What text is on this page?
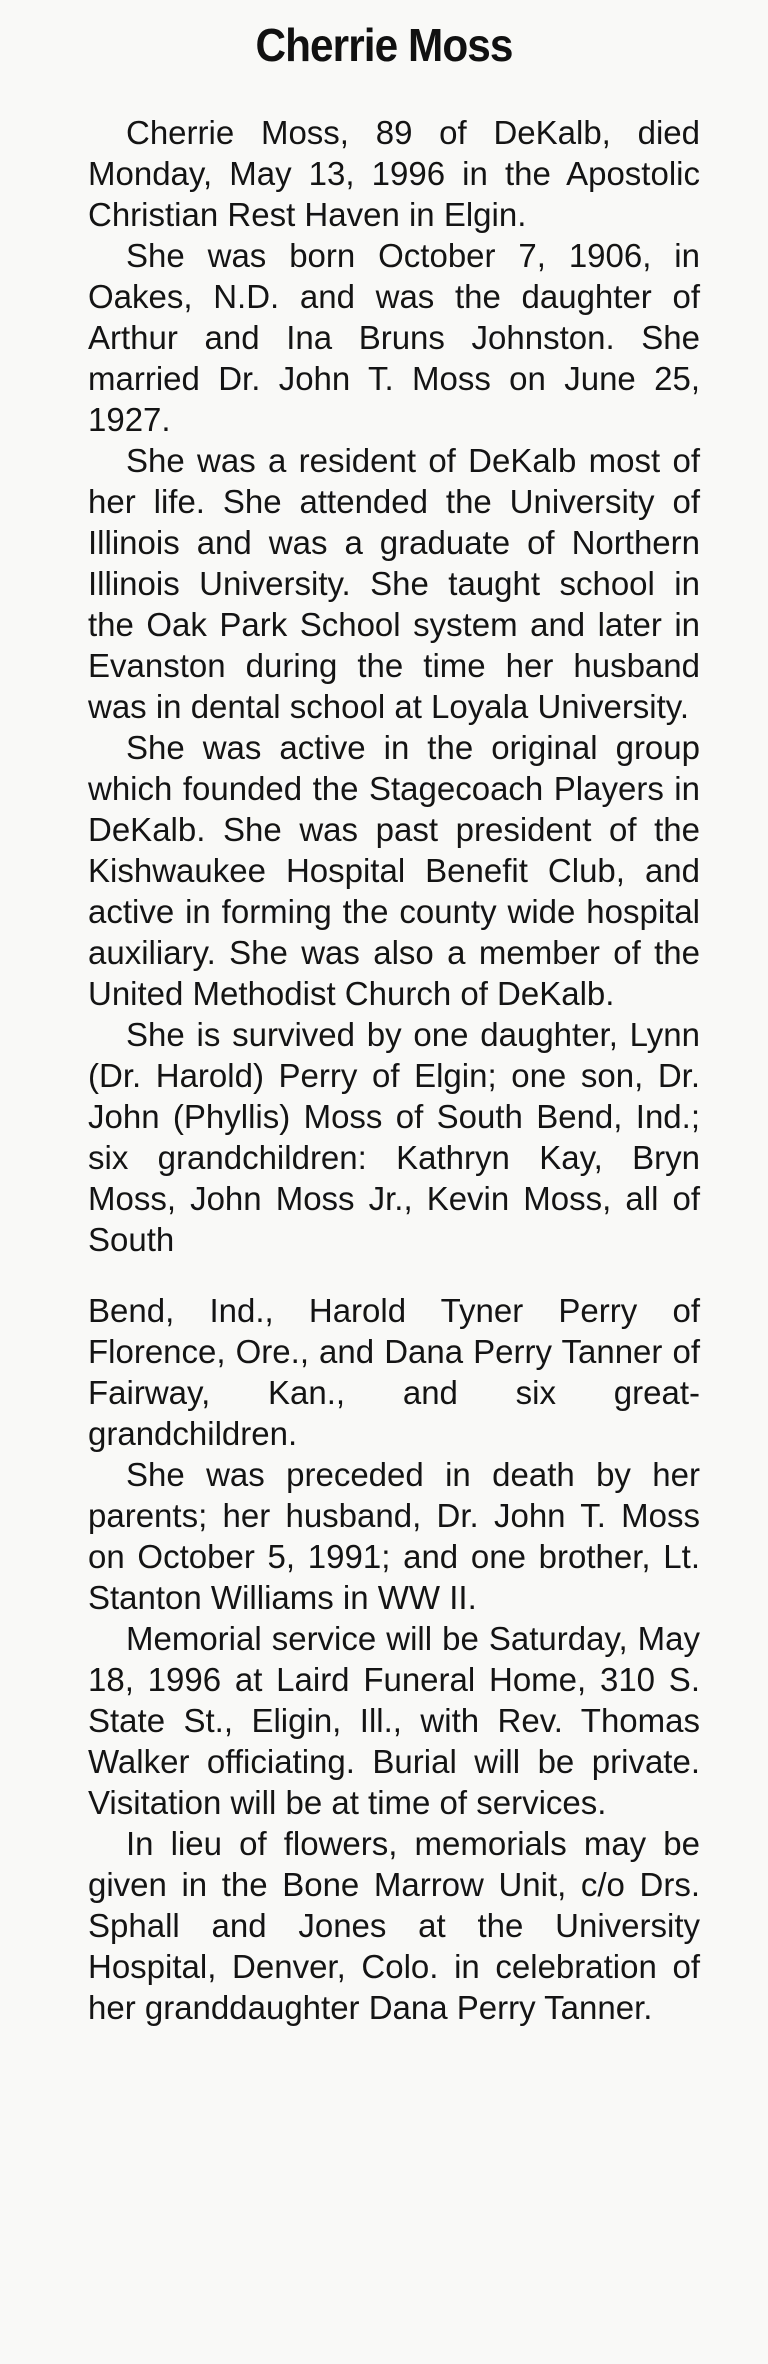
Cherrie Moss

Cherrie Moss, 89 of DeKalb, died Monday, May 13, 1996 in the Apostolic Christian Rest Haven in Elgin.

She was born October 7, 1906, in Oakes, N.D. and was the daughter of Arthur and Ina Bruns Johnston. She married Dr. John T. Moss on June 25, 1927.

She was a resident of DeKalb most of her life. She attended the University of Illinois and was a graduate of Northern Illinois University. She taught school in the Oak Park School system and later in Evanston during the time her husband was in dental school at Loyala University.

She was active in the original group which founded the Stagecoach Players in DeKalb. She was past president of the Kishwaukee Hospital Benefit Club, and active in forming the county wide hospital auxiliary. She was also a member of the United Methodist Church of DeKalb.

She is survived by one daughter, Lynn (Dr. Harold) Perry of Elgin; one son, Dr. John (Phyllis) Moss of South Bend, Ind.; six grandchildren: Kathryn Kay, Bryn Moss, John Moss Jr., Kevin Moss, all of South

Bend, Ind., Harold Tyner Perry of Florence, Ore., and Dana Perry Tanner of Fairway, Kan., and six great-grandchildren.

She was preceded in death by her parents; her husband, Dr. John T. Moss on October 5, 1991; and one brother, Lt. Stanton Williams in WW II.

Memorial service will be Saturday, May 18, 1996 at Laird Funeral Home, 310 S. State St., Eligin, Ill., with Rev. Thomas Walker officiating. Burial will be private. Visitation will be at time of services.

In lieu of flowers, memorials may be given in the Bone Marrow Unit, c/o Drs. Sphall and Jones at the University Hospital, Denver, Colo. in celebration of her granddaughter Dana Perry Tanner.
